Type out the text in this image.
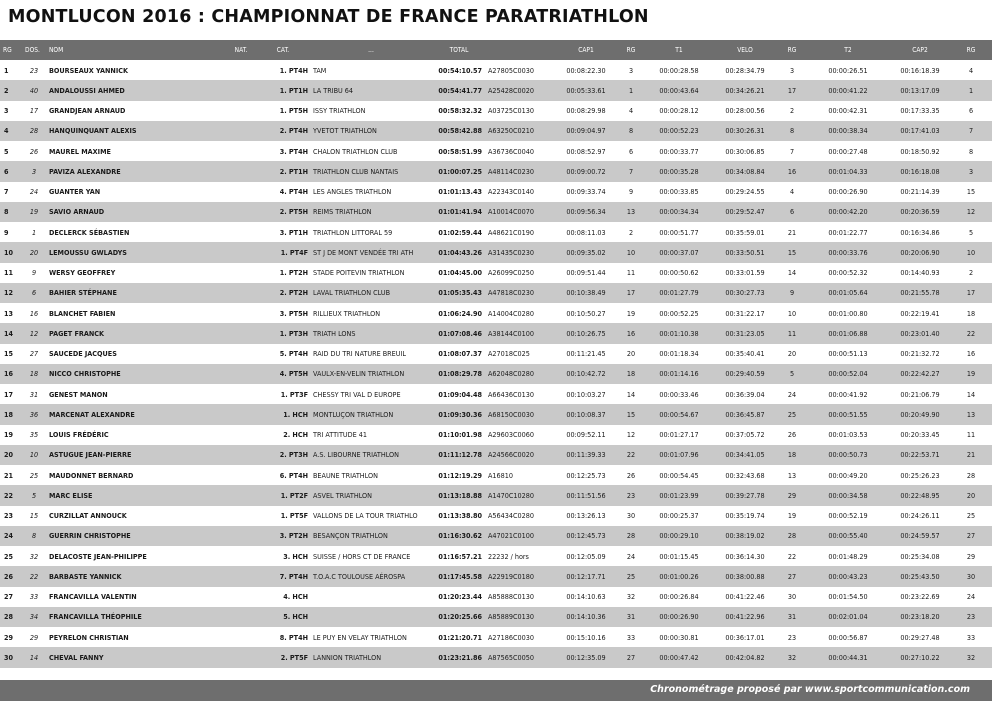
MONTLUCON 2016 : CHAMPIONNAT DE FRANCE PARATRIATHLON
RG	DOS.	NOM	NAT.	CAT.	...	TOTAL		CAP1	RG	T1	VELO	RG	T2	CAP2	RG
1	23	BOURSEAUX YANNICK		1. PT4H	TAM	00:54:10.57	A27805C0030	00:08:22.30	3	00:00:28.58	00:28:34.79	3	00:00:26.51	00:16:18.39	4
2	40	ANDALOUSSI AHMED		1. PT1H	LA TRIBU 64	00:54:41.77	A25428C0020	00:05:33.61	1	00:00:43.64	00:34:26.21	17	00:00:41.22	00:13:17.09	1
3	17	GRANDJEAN ARNAUD		1. PT5H	ISSY TRIATHLON	00:58:32.32	A03725C0130	00:08:29.98	4	00:00:28.12	00:28:00.56	2	00:00:42.31	00:17:33.35	6
4	28	HANQUINQUANT ALEXIS		2. PT4H	YVETOT TRIATHLON	00:58:42.88	A63250C0210	00:09:04.97	8	00:00:52.23	00:30:26.31	8	00:00:38.34	00:17:41.03	7
5	26	MAUREL MAXIME		3. PT4H	CHALON TRIATHLON CLUB	00:58:51.99	A36736C0040	00:08:52.97	6	00:00:33.77	00:30:06.85	7	00:00:27.48	00:18:50.92	8
6	3	PAVIZA ALEXANDRE		2. PT1H	TRIATHLON CLUB NANTAIS	01:00:07.25	A48114C0230	00:09:00.72	7	00:00:35.28	00:34:08.84	16	00:01:04.33	00:16:18.08	3
7	24	GUANTER YAN		4. PT4H	LES ANGLES TRIATHLON	01:01:13.43	A22343C0140	00:09:33.74	9	00:00:33.85	00:29:24.55	4	00:00:26.90	00:21:14.39	15
8	19	SAVIO ARNAUD		2. PT5H	REIMS TRIATHLON	01:01:41.94	A10014C0070	00:09:56.34	13	00:00:34.34	00:29:52.47	6	00:00:42.20	00:20:36.59	12
9	1	DECLERCK SÉBASTIEN		3. PT1H	TRIATHLON LITTORAL 59	01:02:59.44	A48621C0190	00:08:11.03	2	00:00:51.77	00:35:59.01	21	00:01:22.77	00:16:34.86	5
10	20	LEMOUSSU GWLADYS		1. PT4F	ST J DE MONT VENDÉE TRI ATH	01:04:43.26	A31435C0230	00:09:35.02	10	00:00:37.07	00:33:50.51	15	00:00:33.76	00:20:06.90	10
11	9	WERSY GEOFFREY		1. PT2H	STADE POITEVIN TRIATHLON	01:04:45.00	A26099C0250	00:09:51.44	11	00:00:50.62	00:33:01.59	14	00:00:52.32	00:14:40.93	2
12	6	BAHIER STÉPHANE		2. PT2H	LAVAL TRIATHLON CLUB	01:05:35.43	A47818C0230	00:10:38.49	17	00:01:27.79	00:30:27.73	9	00:01:05.64	00:21:55.78	17
13	16	BLANCHET FABIEN		3. PT5H	RILLIEUX TRIATHLON	01:06:24.90	A14004C0280	00:10:50.27	19	00:00:52.25	00:31:22.17	10	00:01:00.80	00:22:19.41	18
14	12	PAGET FRANCK		1. PT3H	TRIATH LONS	01:07:08.46	A38144C0100	00:10:26.75	16	00:01:10.38	00:31:23.05	11	00:01:06.88	00:23:01.40	22
15	27	SAUCEDE JACQUES		5. PT4H	RAID DU TRI NATURE BREUIL	01:08:07.37	A27018C025	00:11:21.45	20	00:01:18.34	00:35:40.41	20	00:00:51.13	00:21:32.72	16
16	18	NICCO CHRISTOPHE		4. PT5H	VAULX-EN-VELIN TRIATHLON	01:08:29.78	A62048C0280	00:10:42.72	18	00:01:14.16	00:29:40.59	5	00:00:52.04	00:22:42.27	19
17	31	GENEST MANON		1. PT3F	CHESSY TRI VAL D EUROPE	01:09:04.48	A66436C0130	00:10:03.27	14	00:00:33.46	00:36:39.04	24	00:00:41.92	00:21:06.79	14
18	36	MARCENAT ALEXANDRE		1. HCH	MONTLUÇON TRIATHLON	01:09:30.36	A68150C0030	00:10:08.37	15	00:00:54.67	00:36:45.87	25	00:00:51.55	00:20:49.90	13
19	35	LOUIS FRÉDÉRIC		2. HCH	TRI ATTITUDE 41	01:10:01.98	A29603C0060	00:09:52.11	12	00:01:27.17	00:37:05.72	26	00:01:03.53	00:20:33.45	11
20	10	ASTUGUE JEAN-PIERRE		2. PT3H	A.S. LIBOURNE TRIATHLON	01:11:12.78	A24566C0020	00:11:39.33	22	00:01:07.96	00:34:41.05	18	00:00:50.73	00:22:53.71	21
21	25	MAUDONNET BERNARD		6. PT4H	BEAUNE TRIATHLON	01:12:19.29	A16810	00:12:25.73	26	00:00:54.45	00:32:43.68	13	00:00:49.20	00:25:26.23	28
22	5	MARC ELISE		1. PT2F	ASVEL TRIATHLON	01:13:18.88	A1470C10280	00:11:51.56	23	00:01:23.99	00:39:27.78	29	00:00:34.58	00:22:48.95	20
23	15	CURZILLAT ANNOUCK		1. PT5F	VALLONS DE LA TOUR TRIATHLO	01:13:38.80	A56434C0280	00:13:26.13	30	00:00:25.37	00:35:19.74	19	00:00:52.19	00:24:26.11	25
24	8	GUERRIN CHRISTOPHE		3. PT2H	BESANÇON TRIATHLON	01:16:30.62	A47021C0100	00:12:45.73	28	00:00:29.10	00:38:19.02	28	00:00:55.40	00:24:59.57	27
25	32	DELACOSTE JEAN-PHILIPPE		3. HCH	SUISSE / HORS CT DE FRANCE	01:16:57.21	22232 / hors	00:12:05.09	24	00:01:15.45	00:36:14.30	22	00:01:48.29	00:25:34.08	29
26	22	BARBASTE YANNICK		7. PT4H	T.O.A.C TOULOUSE AÉROSPA	01:17:45.58	A22919C0180	00:12:17.71	25	00:01:00.26	00:38:00.88	27	00:00:43.23	00:25:43.50	30
27	33	FRANCAVILLA VALENTIN		4. HCH		01:20:23.44	A85888C0130	00:14:10.63	32	00:00:26.84	00:41:22.46	30	00:01:54.50	00:23:22.69	24
28	34	FRANCAVILLA THÉOPHILE		5. HCH		01:20:25.66	A85889C0130	00:14:10.36	31	00:00:26.90	00:41:22.96	31	00:02:01.04	00:23:18.20	23
29	29	PEYRELON CHRISTIAN		8. PT4H	LE PUY EN VELAY TRIATHLON	01:21:20.71	A27186C0030	00:15:10.16	33	00:00:30.81	00:36:17.01	23	00:00:56.87	00:29:27.48	33
30	14	CHEVAL FANNY		2. PT5F	LANNION TRIATHLON	01:23:21.86	A87565C0050	00:12:35.09	27	00:00:47.42	00:42:04.82	32	00:00:44.31	00:27:10.22	32
Chronométrage proposé par www.sportcommunication.com
